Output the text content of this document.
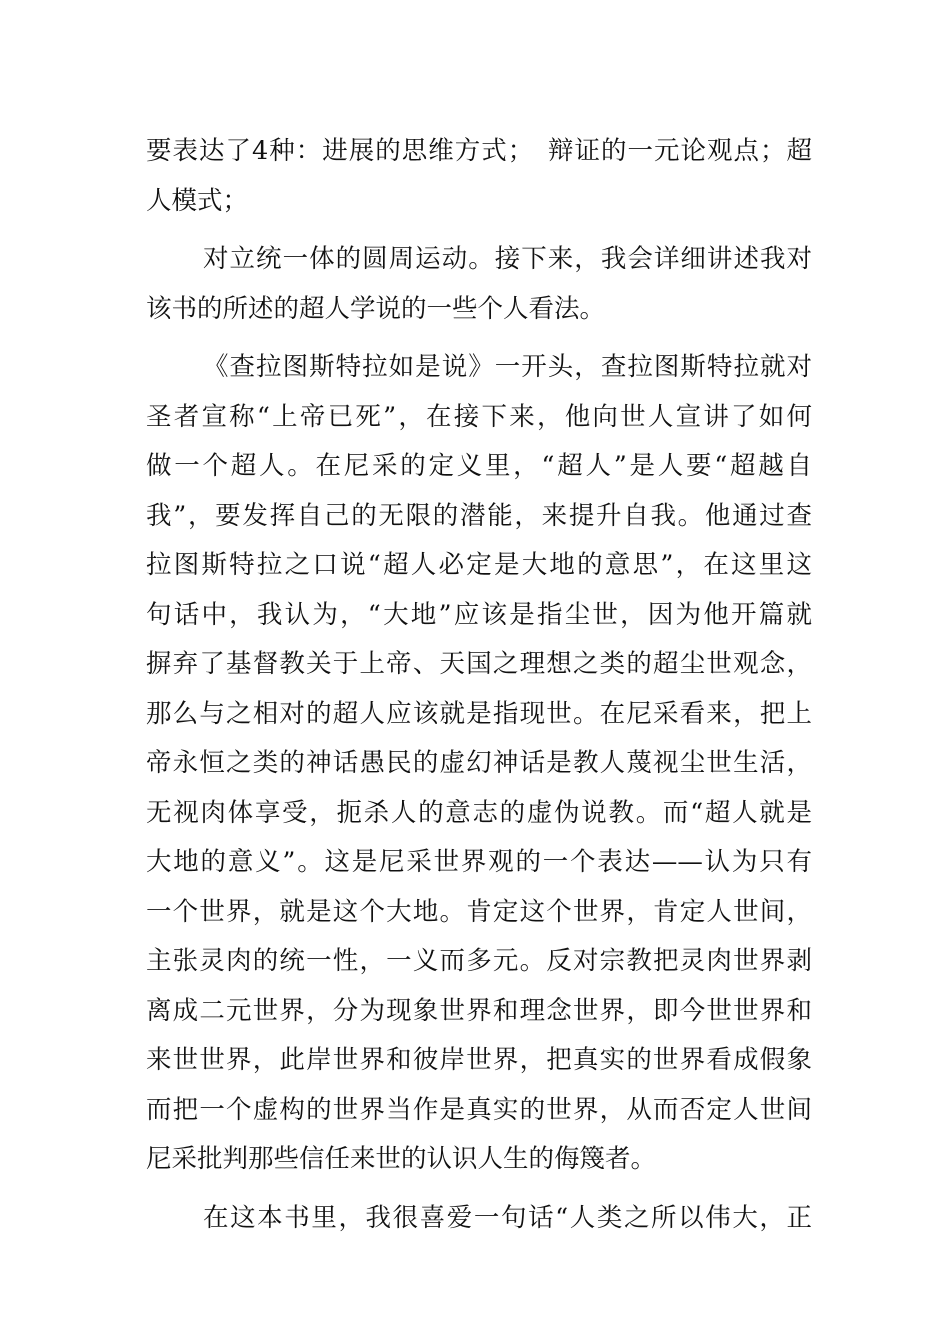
要表达了4种：进展的思维方式；　辩证的一元论观点；超
人模式；
对立统一体的圆周运动。接下来，我会详细讲述我对
该书的所述的超人学说的一些个人看法。
《查拉图斯特拉如是说》一开头，查拉图斯特拉就对
圣者宣称“上帝已死”，在接下来，他向世人宣讲了如何
做一个超人。在尼采的定义里，“超人”是人要“超越自
我”，要发挥自己的无限的潜能，来提升自我。他通过查
拉图斯特拉之口说“超人必定是大地的意思”，在这里这
句话中，我认为，“大地”应该是指尘世，因为他开篇就
摒弃了基督教关于上帝、天国之理想之类的超尘世观念，
那么与之相对的超人应该就是指现世。在尼采看来，把上
帝永恒之类的神话愚民的虚幻神话是教人蔑视尘世生活，
无视肉体享受，扼杀人的意志的虚伪说教。而“超人就是
大地的意义”。这是尼采世界观的一个表达——认为只有
一个世界，就是这个大地。肯定这个世界，肯定人世间，
主张灵肉的统一性，一义而多元。反对宗教把灵肉世界剥
离成二元世界，分为现象世界和理念世界，即今世世界和
来世世界，此岸世界和彼岸世界，把真实的世界看成假象
而把一个虚构的世界当作是真实的世界，从而否定人世间
尼采批判那些信任来世的认识人生的侮篾者。
在这本书里，我很喜爱一句话“人类之所以伟大，正
